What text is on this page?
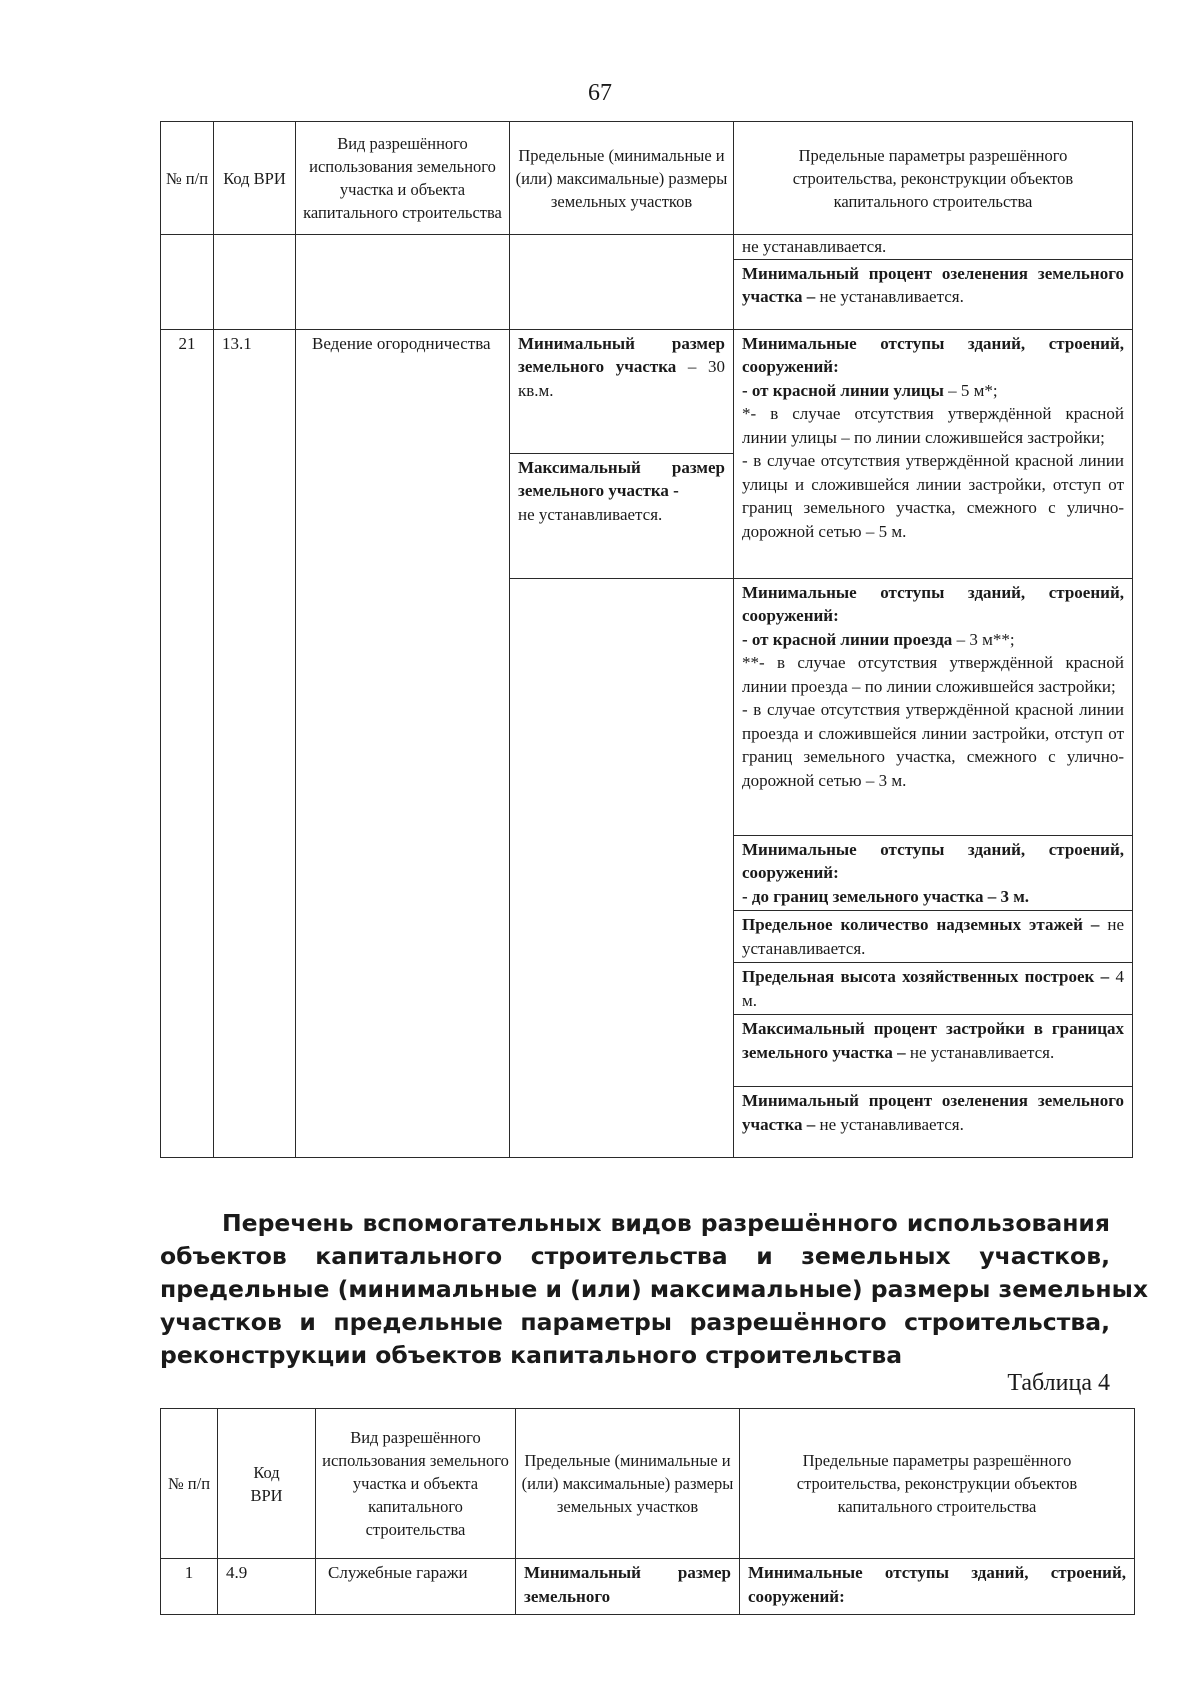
67
№ п/п	Код ВРИ	Вид разрешённого использования земельного участка и объекта капитального строительства	Предельные (минимальные и (или) максимальные) размеры земельных участков	Предельные параметры разрешённого строительства, реконструкции объектов капитального строительства
				не устанавливается.
				Минимальный процент озеленения земельного участка – не устанавливается.
21	13.1	Ведение огородничества	Минимальный размер земельного участка – 30 кв.м.	Минимальные отступы зданий, строений, сооружений:
- от красной линии улицы – 5 м*;
*- в случае отсутствия утверждённой красной линии улицы – по линии сложившейся застройки;
- в случае отсутствия утверждённой красной линии улицы и сложившейся линии застройки, отступ от границ земельного участка, смежного с улично-дорожной сетью – 5 м.

			Максимальный размер земельного участка -
не устанавливается.	

				Минимальные отступы зданий, строений, сооружений:
- от красной линии проезда – 3 м**;
**- в случае отсутствия утверждённой красной линии проезда – по линии сложившейся застройки;
- в случае отсутствия утверждённой красной линии проезда и сложившейся линии застройки, отступ от границ земельного участка, смежного с улично-дорожной сетью – 3 м.

				Минимальные отступы зданий, строений, сооружений:
- до границ земельного участка – 3 м.

				Предельное количество надземных этажей – не устанавливается.
				Предельная высота хозяйственных построек – 4 м.
				Максимальный процент застройки в границах земельного участка – не устанавливается.
				Минимальный процент озеленения земельного участка – не устанавливается.
Перечень вспомогательных видов разрешённого использования
объектов капитального строительства и земельных участков,
предельные (минимальные и (или) максимальные) размеры земельных
участков и предельные параметры разрешённого строительства,
реконструкции объектов капитального строительства
Таблица 4
№ п/п	Код ВРИ	Вид разрешённого использования земельного участка и объекта капитального строительства	Предельные (минимальные и (или) максимальные) размеры земельных участков	Предельные параметры разрешённого строительства, реконструкции объектов капитального строительства
1	4.9	Служебные гаражи	Минимальный размер земельного	Минимальные отступы зданий, строений, сооружений:
